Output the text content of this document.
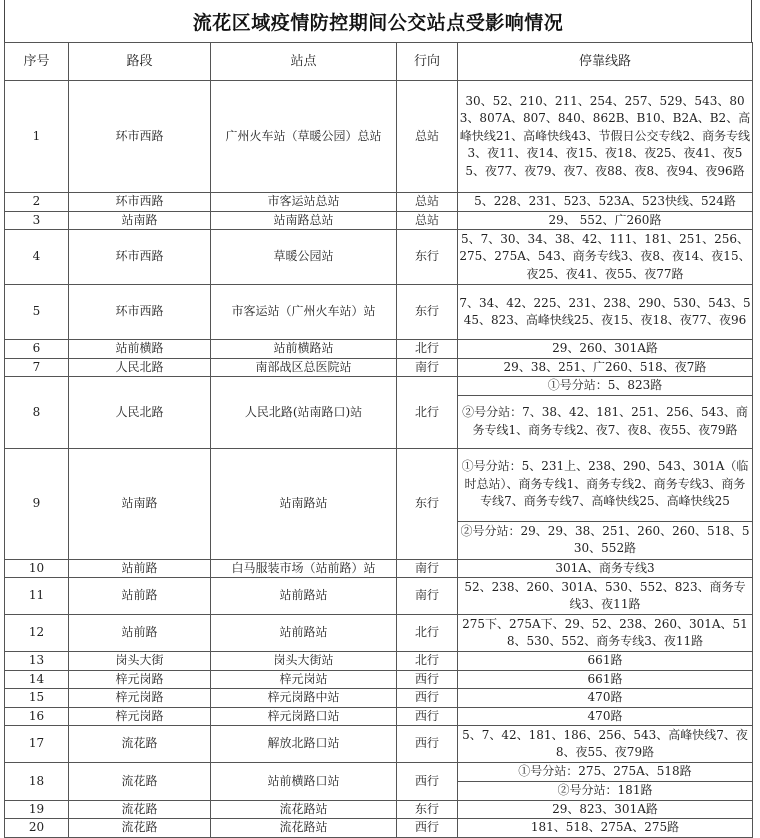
流花区域疫情防控期间公交站点受影响情况
序号	路段	站点	行向	停靠线路
1	环市西路	广州火车站（草暖公园）总站	总站	30、52、210、211、254、257、529、543、803、807A、807、840、862B、B10、B2A、B2、高峰快线21、高峰快线43、节假日公交专线2、商务专线3、夜11、夜14、夜15、夜18、夜25、夜41、夜55、夜77、夜79、夜7、夜88、夜8、夜94、夜96路
2	环市西路	市客运站总站	总站	5、228、231、523、523A、523快线、524路
3	站南路	站南路总站	总站	29、 552、广260路
4	环市西路	草暖公园站	东行	5、7、30、34、38、42、111、181、251、256、275、275A、543、商务专线3、夜8、夜14、夜15、夜25、夜41、夜55、夜77路
5	环市西路	市客运站（广州火车站）站	东行	7、34、42、225、231、238、290、530、543、545、823、高峰快线25、夜15、夜18、夜77、夜96
6	站前横路	站前横路站	北行	29、260、301A路
7	人民北路	南部战区总医院站	南行	29、38、251、广260、518、夜7路
8	人民北路	人民北路(站南路口)站	北行	①号分站：5、823路
				②号分站：7、38、42、181、251、256、543、商务专线1、商务专线2、夜7、夜8、夜55、夜79路
9	站南路	站南路站	东行	①号分站：5、231上、238、290、543、301A（临时总站）、商务专线1、商务专线2、商务专线3、商务专线7、商务专线7、高峰快线25、高峰快线25
				②号分站：29、29、38、251、260、260、518、530、552路
10	站前路	白马服装市场（站前路）站	南行	301A、商务专线3
11	站前路	站前路站	南行	52、238、260、301A、530、552、823、商务专线3、夜11路
12	站前路	站前路站	北行	275下、275A下、29、52、238、260、301A、518、530、552、商务专线3、夜11路
13	岗头大街	岗头大街站	北行	661路
14	梓元岗路	梓元岗站	西行	661路
15	梓元岗路	梓元岗路中站	西行	470路
16	梓元岗路	梓元岗路口站	西行	470路
17	流花路	解放北路口站	西行	5、7、42、181、186、256、543、高峰快线7、夜8、夜55、夜79路
18	流花路	站前横路口站	西行	①号分站：275、275A、518路
				②号分站：181路
19	流花路	流花路站	东行	29、823、301A路
20	流花路	流花路站	西行	181、518、275A、275路
